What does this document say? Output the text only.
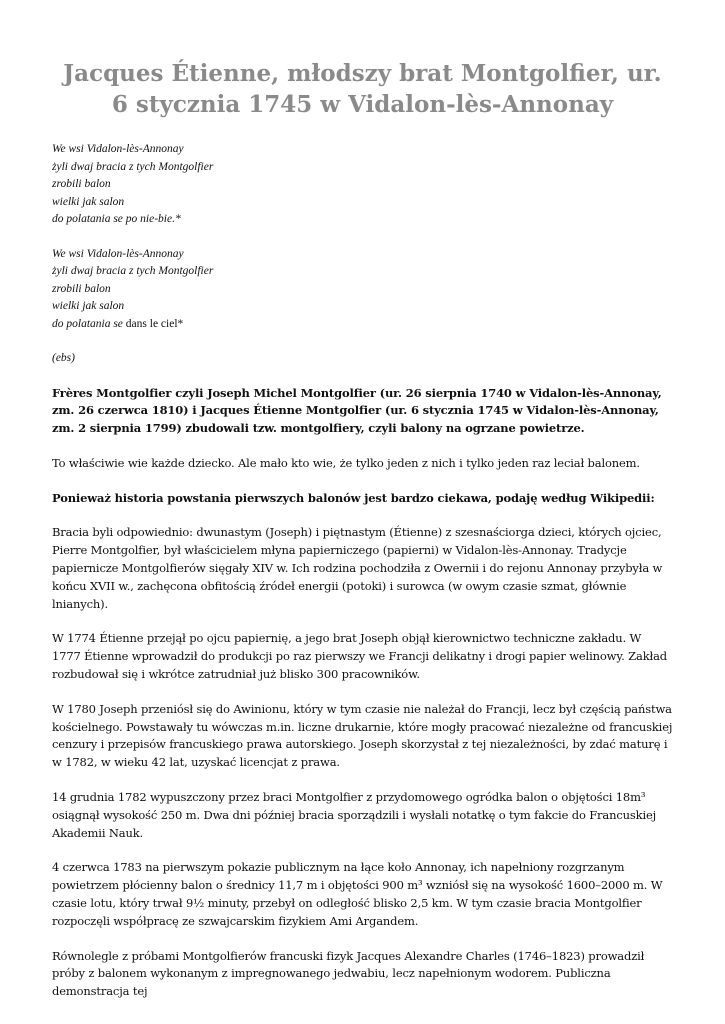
Jacques Étienne, młodszy brat Montgolfier, ur. 6 stycznia 1745 w Vidalon-lès-Annonay
We wsi Vidalon-lès-Annonay
żyli dwaj bracia z tych Montgolfier
zrobili balon
wielki jak salon
do polatania se po nie-bie.*
We wsi Vidalon-lès-Annonay
żyli dwaj bracia z tych Montgolfier
zrobili balon
wielki jak salon
do polatania se dans le ciel*

(ebs)

Frères Montgolfier czyli Joseph Michel Montgolfier (ur. 26 sierpnia 1740 w Vidalon-lès-Annonay, zm. 26 czerwca 1810) i Jacques Étienne Montgolfier (ur. 6 stycznia 1745 w Vidalon-lès-Annonay, zm. 2 sierpnia 1799) zbudowali tzw. montgolfiery, czyli balony na ogrzane powietrze.

To właściwie wie każde dziecko. Ale mało kto wie, że tylko jeden z nich i tylko jeden raz leciał balonem.

Ponieważ historia powstania pierwszych balonów jest bardzo ciekawa, podaję według Wikipedii:

Bracia byli odpowiednio: dwunastym (Joseph) i piętnastym (Étienne) z szesnaściorga dzieci, których ojciec, Pierre Montgolfier, był właścicielem młyna papierniczego (papierni) w Vidalon-lès-Annonay. Tradycje papiernicze Montgolfierów sięgały XIV w. Ich rodzina pochodziła z Owernii i do rejonu Annonay przybyła w końcu XVII w., zachęcona obfitością źródeł energii (potoki) i surowca (w owym czasie szmat, głównie lnianych).

W 1774 Étienne przejął po ojcu papiernię, a jego brat Joseph objął kierownictwo techniczne zakładu. W 1777 Étienne wprowadził do produkcji po raz pierwszy we Francji delikatny i drogi papier welinowy. Zakład rozbudował się i wkrótce zatrudniał już blisko 300 pracowników.

W 1780 Joseph przeniósł się do Awinionu, który w tym czasie nie należał do Francji, lecz był częścią państwa kościelnego. Powstawały tu wówczas m.in. liczne drukarnie, które mogły pracować niezależne od francuskiej cenzury i przepisów francuskiego prawa autorskiego. Joseph skorzystał z tej niezależności, by zdać maturę i w 1782, w wieku 42 lat, uzyskać licencjat z prawa.

14 grudnia 1782 wypuszczony przez braci Montgolfier z przydomowego ogródka balon o objętości 18m³ osiągnął wysokość 250 m. Dwa dni później bracia sporządzili i wysłali notatkę o tym fakcie do Francuskiej Akademii Nauk.

4 czerwca 1783 na pierwszym pokazie publicznym na łące koło Annonay, ich napełniony rozgrzanym powietrzem płócienny balon o średnicy 11,7 m i objętości 900 m³ wzniósł się na wysokość 1600–2000 m. W czasie lotu, który trwał 9½ minuty, przebył on odległość blisko 2,5 km. W tym czasie bracia Montgolfier rozpoczęli współpracę ze szwajcarskim fizykiem Ami Argandem.

Równolegle z próbami Montgolfierów francuski fizyk Jacques Alexandre Charles (1746–1823) prowadził próby z balonem wykonanym z impregnowanego jedwabiu, lecz napełnionym wodorem. Publiczna demonstracja tej
